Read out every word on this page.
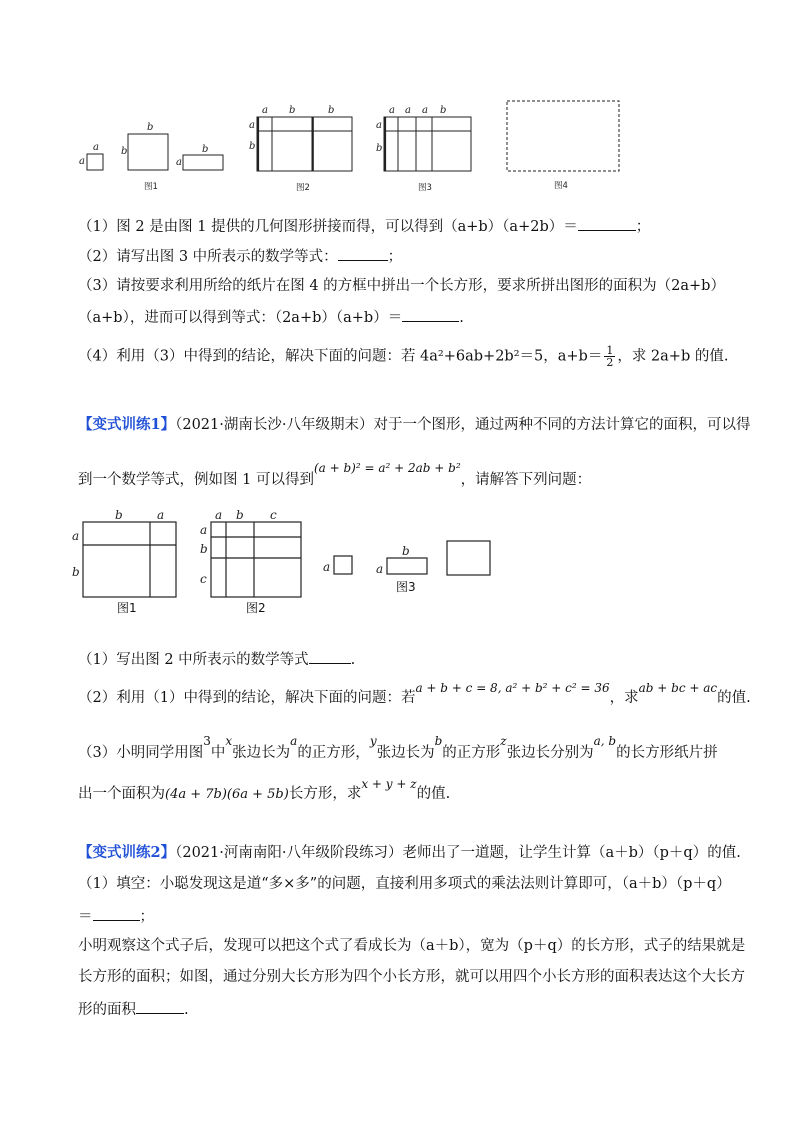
a
a
b
b
a
b
a
a
b
b
b	a a a
a
b
b
图1	图2	图3	图4
（1）图 2 是由图 1 提供的几何图形拼接而得，可以得到（a+b）（a+2b）＝	；
（2）请写出图 3 中所表示的数学等式：	；
（3）请按要求利用所给的纸片在图 4 的方框中拼出一个长方形，要求所拼出图形的面积为（2a+b）
（a+b），进而可以得到等式：（2a+b）（a+b）＝	.
（4）利用（3）中得到的结论，解决下面的问题：若 4a²+6ab+2b²＝5，$a+b= \frac{1}{2}$ ，求 2a+b 的值.
【变式训练1】（2021·湖南长沙·八年级期末）对于一个图形，通过两种不同的方法计算它的面积，可以得
到一个数学等式，例如图 1 可以得到$^{(a + b)^2 = a^2 + 2ab + b^2}$，请解答下列问题：
b	a
a
b
a b c
a
b
c
a
b
a
图1	图2
图3
（1）写出图 2 中所表示的数学等式	.
（2）利用（1）中得到的结论，解决下面的问题：若$^{a + b + c = 8, a^2 + b^2 + c^2 = 36}$，求$^{ab + bc + ac}$的值.
（3）小明同学用图$^3$中$^x$张边长为$^a$的正方形，$^y$张边长为$^b$的正方形$^z$张边长分别为$^{a, b}$的长方形纸片拼
出一个面积为(4a + 7b)(6a + 5b)长方形，求$^{x + y + z}$的值.
【变式训练2】（2021·河南南阳·八年级阶段练习）老师出了一道题，让学生计算（a＋b）（p＋q）的值.
（1）填空：小聪发现这是道“多×多”的问题，直接利用多项式的乘法法则计算即可，（a＋b）（p＋q）
＝	；
小明观察这个式子后，发现可以把这个式了看成长为（a＋b），宽为（p＋q）的长方形，式子的结果就是
长方形的面积；如图，通过分别大长方形为四个小长方形，就可以用四个小长方形的面积表达这个大长方
形的面积	.
